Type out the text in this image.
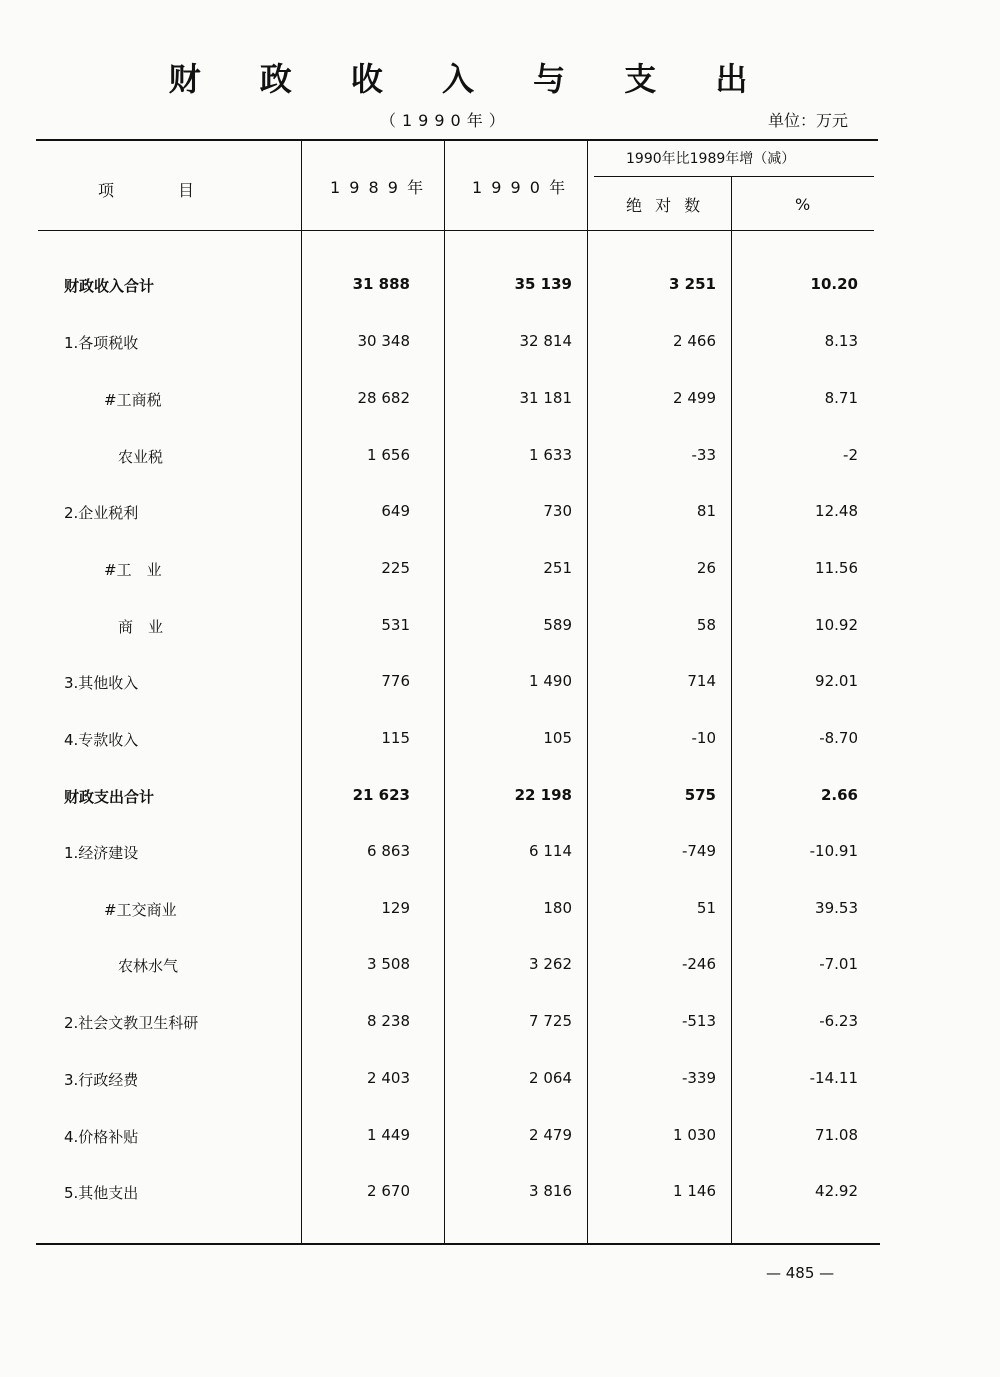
财 政 收 入 与 支 出
（1990年）	单位：万元
项　　　　目	1 9 8 9 年	1 9 9 0 年
1990年比1989年增（减）
绝 对 数	%
财政收入合计	31 888	35 139	3 251	10.20
1.各项税收	30 348	32 814	2 466	8.13
#工商税	28 682	31 181	2 499	8.71
农业税	1 656	1 633	-33	-2
2.企业税利	649	730	81	12.48
#工　业	225	251	26	11.56
商　业	531	589	58	10.92
3.其他收入	776	1 490	714	92.01
4.专款收入	115	105	-10	-8.70
财政支出合计	21 623	22 198	575	2.66
1.经济建设	6 863	6 114	-749	-10.91
#工交商业	129	180	51	39.53
农林水气	3 508	3 262	-246	-7.01
2.社会文教卫生科研	8 238	7 725	-513	-6.23
3.行政经费	2 403	2 064	-339	-14.11
4.价格补贴	1 449	2 479	1 030	71.08
5.其他支出	2 670	3 816	1 146	42.92
— 485 —
